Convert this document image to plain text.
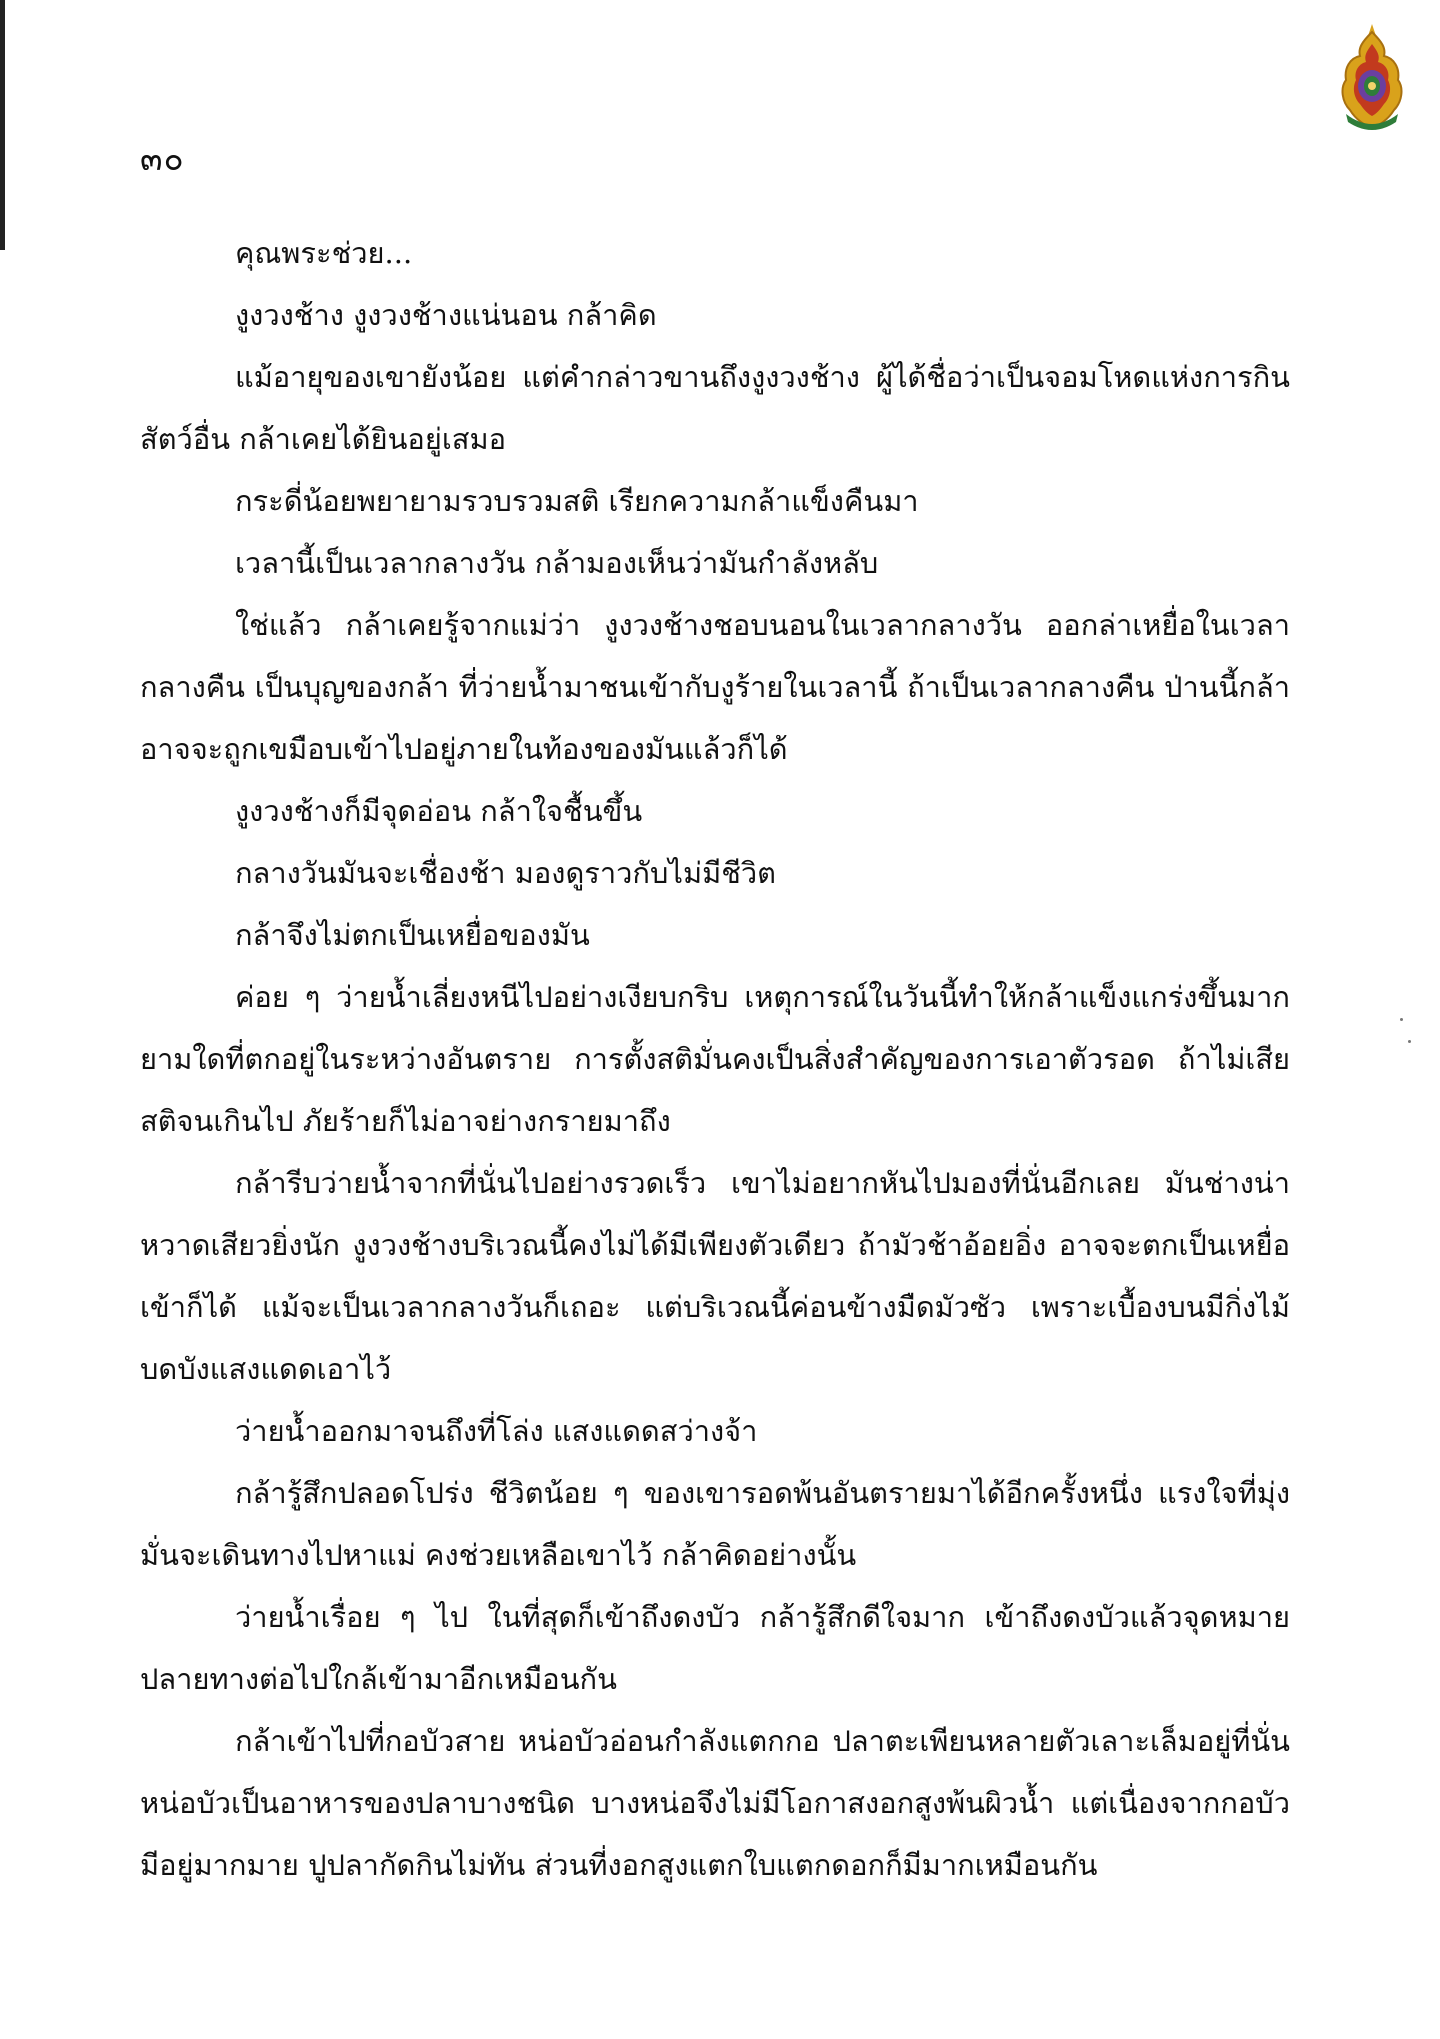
๓๐

คุณพระช่วย...

งูงวงช้าง งูงวงช้างแน่นอน กล้าคิด

แม้อายุของเขายังน้อย แต่คำกล่าวขานถึงงูงวงช้าง ผู้ได้ชื่อว่าเป็นจอมโหดแห่งการกินสัตว์อื่น กล้าเคยได้ยินอยู่เสมอ

กระดี่น้อยพยายามรวบรวมสติ เรียกความกล้าแข็งคืนมา

เวลานี้เป็นเวลากลางวัน กล้ามองเห็นว่ามันกำลังหลับ

ใช่แล้ว กล้าเคยรู้จากแม่ว่า งูงวงช้างชอบนอนในเวลากลางวัน ออกล่าเหยื่อในเวลากลางคืน เป็นบุญของกล้า ที่ว่ายน้ำมาชนเข้ากับงูร้ายในเวลานี้ ถ้าเป็นเวลากลางคืน ป่านนี้กล้าอาจจะถูกเขมือบเข้าไปอยู่ภายในท้องของมันแล้วก็ได้

งูงวงช้างก็มีจุดอ่อน กล้าใจชื้นขึ้น

กลางวันมันจะเชื่องช้า มองดูราวกับไม่มีชีวิต

กล้าจึงไม่ตกเป็นเหยื่อของมัน

ค่อย ๆ ว่ายน้ำเลี่ยงหนีไปอย่างเงียบกริบ เหตุการณ์ในวันนี้ทำให้กล้าแข็งแกร่งขึ้นมาก ยามใดที่ตกอยู่ในระหว่างอันตราย การตั้งสติมั่นคงเป็นสิ่งสำคัญของการเอาตัวรอด ถ้าไม่เสียสติจนเกินไป ภัยร้ายก็ไม่อาจย่างกรายมาถึง

กล้ารีบว่ายน้ำจากที่นั่นไปอย่างรวดเร็ว เขาไม่อยากหันไปมองที่นั่นอีกเลย มันช่างน่าหวาดเสียวยิ่งนัก งูงวงช้างบริเวณนี้คงไม่ได้มีเพียงตัวเดียว ถ้ามัวช้าอ้อยอิ่ง อาจจะตกเป็นเหยื่อเข้าก็ได้ แม้จะเป็นเวลากลางวันก็เถอะ แต่บริเวณนี้ค่อนข้างมืดมัวซัว เพราะเบื้องบนมีกิ่งไม้บดบังแสงแดดเอาไว้

ว่ายน้ำออกมาจนถึงที่โล่ง แสงแดดสว่างจ้า

กล้ารู้สึกปลอดโปร่ง ชีวิตน้อย ๆ ของเขารอดพ้นอันตรายมาได้อีกครั้งหนึ่ง แรงใจที่มุ่งมั่นจะเดินทางไปหาแม่ คงช่วยเหลือเขาไว้ กล้าคิดอย่างนั้น

ว่ายน้ำเรื่อย ๆ ไป ในที่สุดก็เข้าถึงดงบัว กล้ารู้สึกดีใจมาก เข้าถึงดงบัวแล้วจุดหมายปลายทางต่อไปใกล้เข้ามาอีกเหมือนกัน

กล้าเข้าไปที่กอบัวสาย หน่อบัวอ่อนกำลังแตกกอ ปลาตะเพียนหลายตัวเลาะเล็มอยู่ที่นั่น หน่อบัวเป็นอาหารของปลาบางชนิด บางหน่อจึงไม่มีโอกาสงอกสูงพ้นผิวน้ำ แต่เนื่องจากกอบัวมีอยู่มากมาย ปูปลากัดกินไม่ทัน ส่วนที่งอกสูงแตกใบแตกดอกก็มีมากเหมือนกัน
